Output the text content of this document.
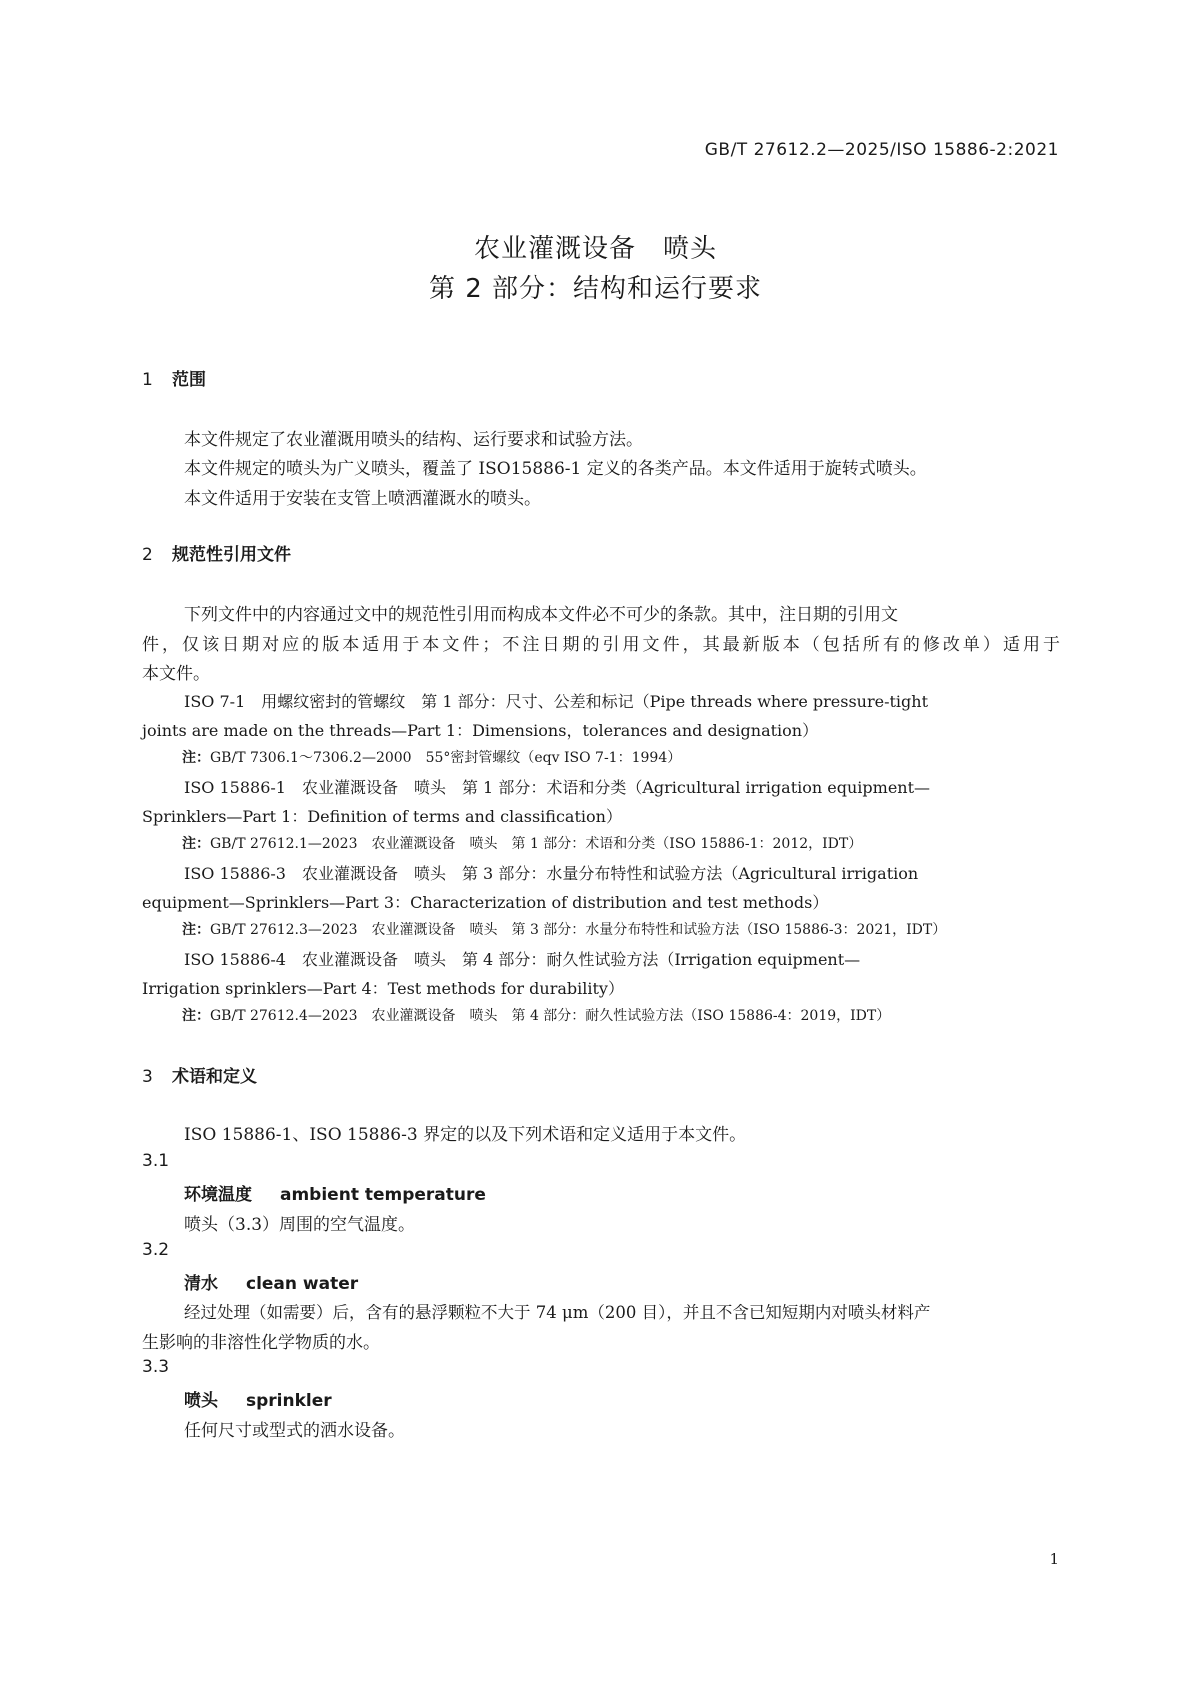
GB/T 27612.2—2025/ISO 15886-2:2021
农业灌溉设备　喷头
第 2 部分：结构和运行要求
1 范围
本文件规定了农业灌溉用喷头的结构、运行要求和试验方法。
本文件规定的喷头为广义喷头，覆盖了 ISO15886-1 定义的各类产品。本文件适用于旋转式喷头。
本文件适用于安装在支管上喷洒灌溉水的喷头。
2 规范性引用文件
下列文件中的内容通过文中的规范性引用而构成本文件必不可少的条款。其中，注日期的引用文
件，仅该日期对应的版本适用于本文件；不注日期的引用文件，其最新版本（包括所有的修改单）适用于
本文件。
ISO 7-1　用螺纹密封的管螺纹　第 1 部分：尺寸、公差和标记（Pipe threads where pressure-tight
joints are made on the threads—Part 1：Dimensions，tolerances and designation）
注：GB/T 7306.1～7306.2—2000　55°密封管螺纹（eqv ISO 7-1：1994）
ISO 15886-1　农业灌溉设备　喷头　第 1 部分：术语和分类（Agricultural irrigation equipment—
Sprinklers—Part 1：Definition of terms and classification）
注：GB/T 27612.1—2023　农业灌溉设备　喷头　第 1 部分：术语和分类（ISO 15886-1：2012，IDT）
ISO 15886-3　农业灌溉设备　喷头　第 3 部分：水量分布特性和试验方法（Agricultural irrigation
equipment—Sprinklers—Part 3：Characterization of distribution and test methods）
注：GB/T 27612.3—2023　农业灌溉设备　喷头　第 3 部分：水量分布特性和试验方法（ISO 15886-3：2021，IDT）
ISO 15886-4　农业灌溉设备　喷头　第 4 部分：耐久性试验方法（Irrigation equipment—
Irrigation sprinklers—Part 4：Test methods for durability）
注：GB/T 27612.4—2023　农业灌溉设备　喷头　第 4 部分：耐久性试验方法（ISO 15886-4：2019，IDT）
3 术语和定义
ISO 15886-1、ISO 15886-3 界定的以及下列术语和定义适用于本文件。
3.1
环境温度 ambient temperature
喷头（3.3）周围的空气温度。
3.2
清水 clean water
经过处理（如需要）后，含有的悬浮颗粒不大于 74 μm（200 目），并且不含已知短期内对喷头材料产
生影响的非溶性化学物质的水。
3.3
喷头 sprinkler
任何尺寸或型式的洒水设备。
1
